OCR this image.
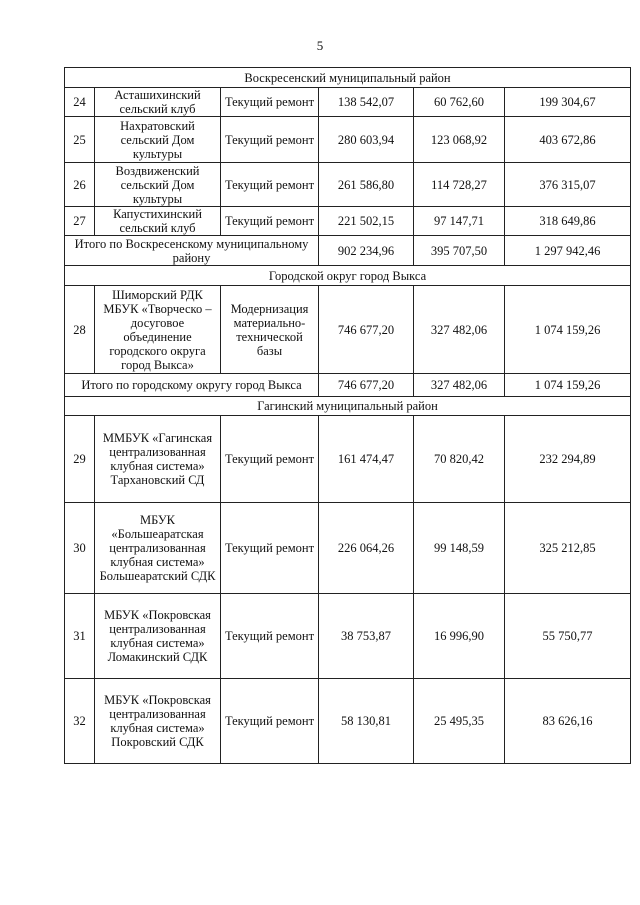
5
Воскресенский муниципальный район					
24	Асташихинский сельский клуб	Текущий ремонт	138 542,07	60 762,60	199 304,67
25	Нахратовский сельский Дом культуры	Текущий ремонт	280 603,94	123 068,92	403 672,86
26	Воздвиженский сельский Дом культуры	Текущий ремонт	261 586,80	114 728,27	376 315,07
27	Капустихинский сельский клуб	Текущий ремонт	221 502,15	97 147,71	318 649,86
Итого по Воскресенскому муниципальному району			902 234,96	395 707,50	1 297 942,46
Городской округ город Выкса					
28	Шиморский РДК МБУК «Творческо – досуговое объединение городского округа город Выкса»	Модернизация материально-технической базы	746 677,20	327 482,06	1 074 159,26
Итого по городскому округу город Выкса			746 677,20	327 482,06	1 074 159,26
Гагинский муниципальный район					
29	ММБУК «Гагинская централизованная клубная система» Тархановский СД	Текущий ремонт	161 474,47	70 820,42	232 294,89
30	МБУК «Большеаратская централизованная клубная система» Большеаратский СДК	Текущий ремонт	226 064,26	99 148,59	325 212,85
31	МБУК «Покровская централизованная клубная система» Ломакинский СДК	Текущий ремонт	38 753,87	16 996,90	55 750,77
32	МБУК «Покровская централизованная клубная система» Покровский СДК	Текущий ремонт	58 130,81	25 495,35	83 626,16
